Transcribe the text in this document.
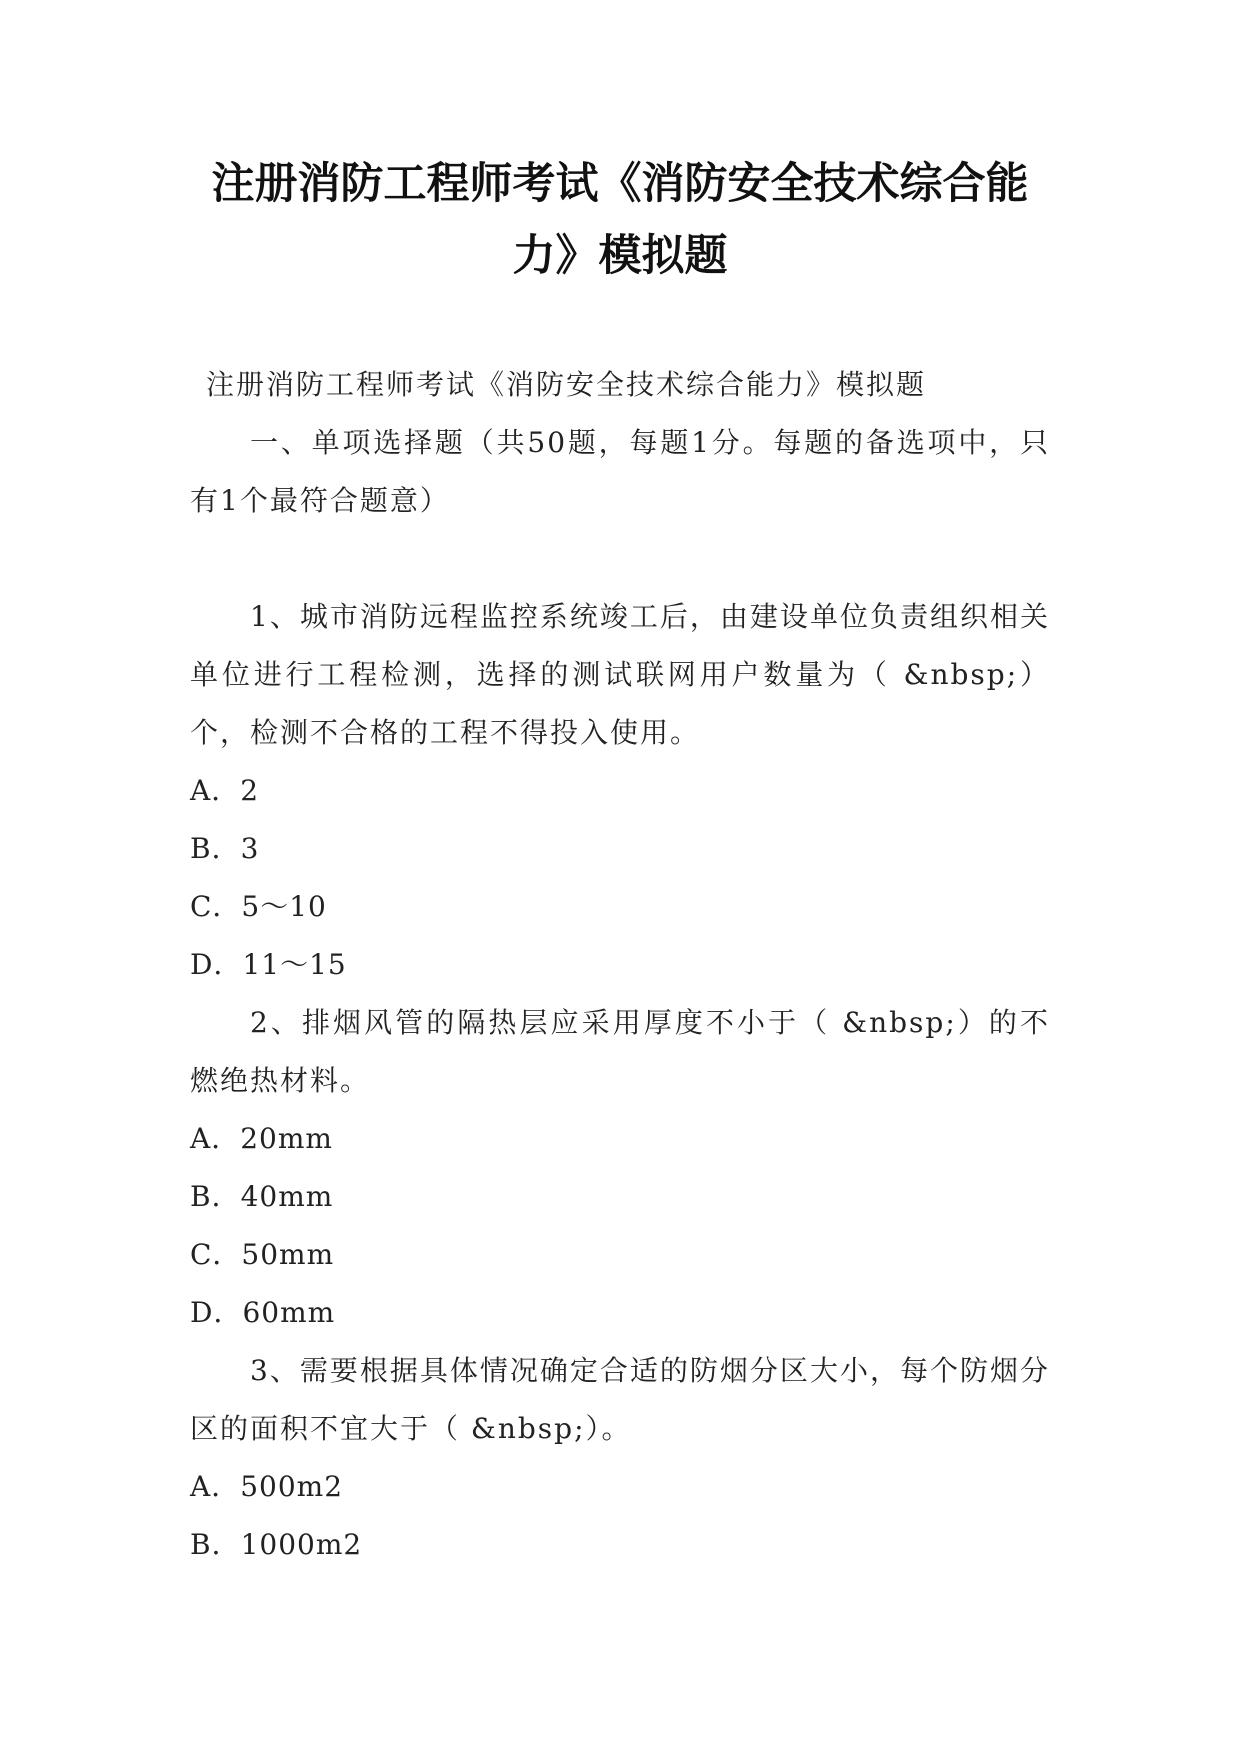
注册消防工程师考试《消防安全技术综合能力》模拟题

注册消防工程师考试《消防安全技术综合能力》模拟题

一、单项选择题（共50题，每题1分。每题的备选项中，只有1个最符合题意）

1、城市消防远程监控系统竣工后，由建设单位负责组织相关单位进行工程检测，选择的测试联网用户数量为（ &nbsp;）个，检测不合格的工程不得投入使用。

A．2

B．3

C．5～10

D．11～15

2、排烟风管的隔热层应采用厚度不小于（ &nbsp;）的不燃绝热材料。

A．20mm

B．40mm

C．50mm

D．60mm

3、需要根据具体情况确定合适的防烟分区大小，每个防烟分区的面积不宜大于（ &nbsp;）。

A．500m2

B．1000m2
